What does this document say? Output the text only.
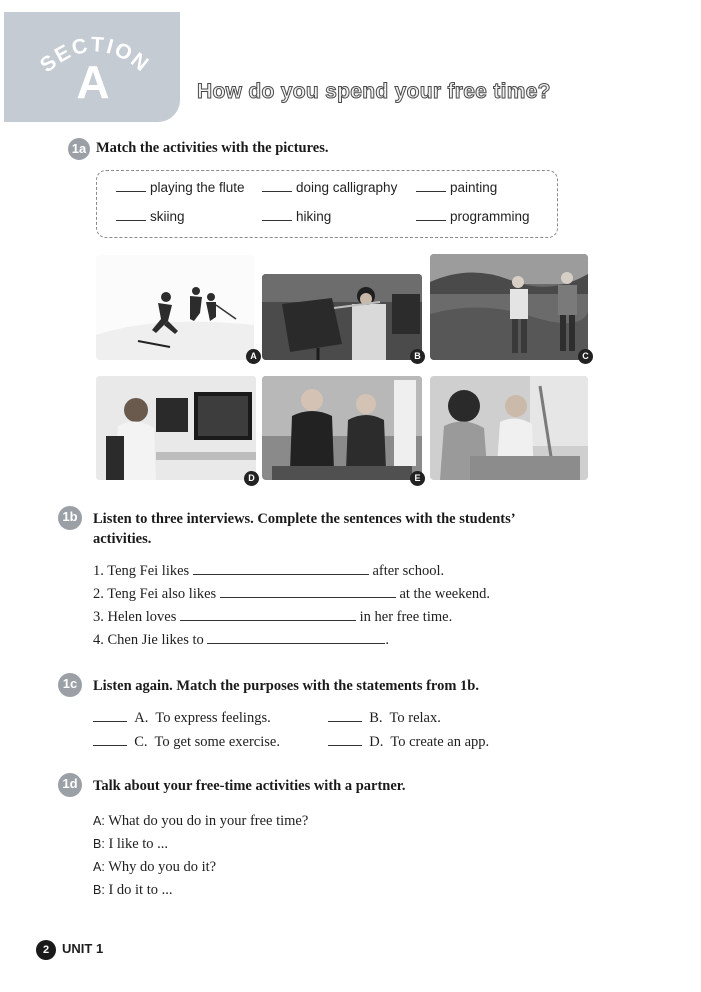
SECTION
A	How do you spend your free time?
1a Match the activities with the pictures.
playing the flute	doing calligraphy	painting
skiing	hiking	programming
A	B	C
D	E
1b	Listen to three interviews. Complete the sentences with the students’
activities.
1. Teng Fei likes	after school.
2. Teng Fei also likes	at the weekend.
3. Helen loves	in her free time.
4. Chen Jie likes to	.
1c	Listen again. Match the purposes with the statements from 1b.
A. To express feelings.	B. To relax.
C. To get some exercise.	D. To create an app.
1d	Talk about your free-time activities with a partner.
A: What do you do in your free time?
B: I like to ...
A: Why do you do it?
B: I do it to ...
2 UNIT 1
